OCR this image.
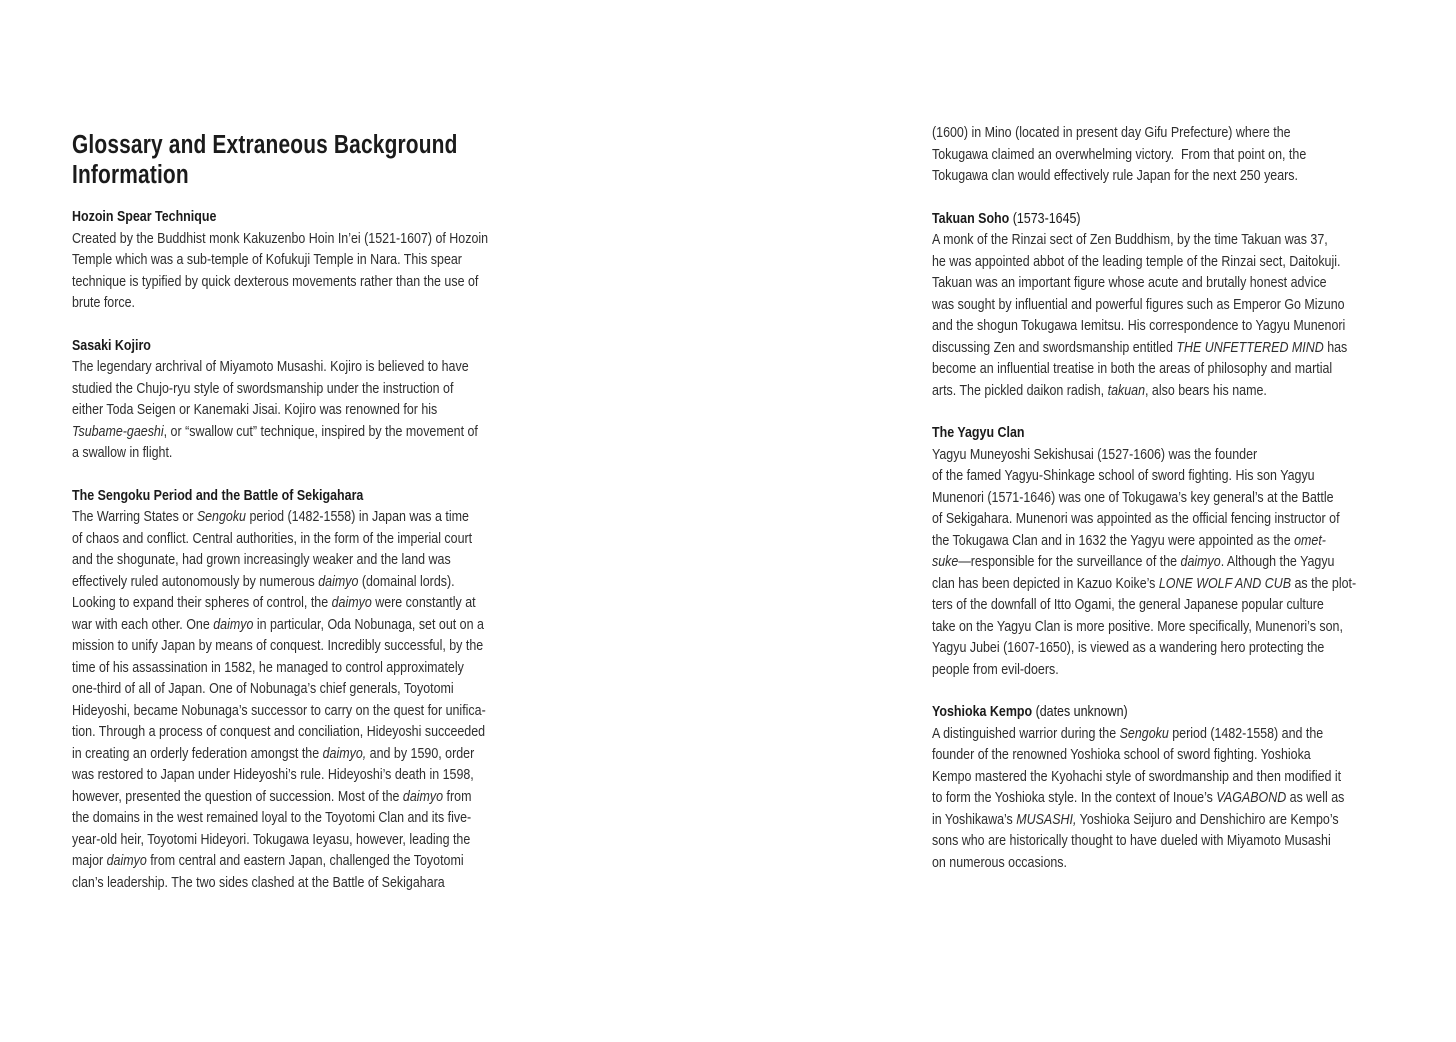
Glossary and Extraneous Background
Information
Hozoin Spear Technique
Created by the Buddhist monk Kakuzenbo Hoin In’ei (1521-1607) of Hozoin
Temple which was a sub-temple of Kofukuji Temple in Nara. This spear
technique is typified by quick dexterous movements rather than the use of
brute force.
Sasaki Kojiro
The legendary archrival of Miyamoto Musashi. Kojiro is believed to have
studied the Chujo-ryu style of swordsmanship under the instruction of
either Toda Seigen or Kanemaki Jisai. Kojiro was renowned for his
Tsubame-gaeshi, or “swallow cut” technique, inspired by the movement of
a swallow in flight.
The Sengoku Period and the Battle of Sekigahara
The Warring States or Sengoku period (1482-1558) in Japan was a time
of chaos and conflict. Central authorities, in the form of the imperial court
and the shogunate, had grown increasingly weaker and the land was
effectively ruled autonomously by numerous daimyo (domainal lords).
Looking to expand their spheres of control, the daimyo were constantly at
war with each other. One daimyo in particular, Oda Nobunaga, set out on a
mission to unify Japan by means of conquest. Incredibly successful, by the
time of his assassination in 1582, he managed to control approximately
one-third of all of Japan. One of Nobunaga’s chief generals, Toyotomi
Hideyoshi, became Nobunaga’s successor to carry on the quest for unifica-
tion. Through a process of conquest and conciliation, Hideyoshi succeeded
in creating an orderly federation amongst the daimyo, and by 1590, order
was restored to Japan under Hideyoshi’s rule. Hideyoshi’s death in 1598,
however, presented the question of succession. Most of the daimyo from
the domains in the west remained loyal to the Toyotomi Clan and its five-
year-old heir, Toyotomi Hideyori. Tokugawa Ieyasu, however, leading the
major daimyo from central and eastern Japan, challenged the Toyotomi
clan’s leadership. The two sides clashed at the Battle of Sekigahara
(1600) in Mino (located in present day Gifu Prefecture) where the
Tokugawa claimed an overwhelming victory.  From that point on, the
Tokugawa clan would effectively rule Japan for the next 250 years.
Takuan Soho (1573-1645)
A monk of the Rinzai sect of Zen Buddhism, by the time Takuan was 37,
he was appointed abbot of the leading temple of the Rinzai sect, Daitokuji.
Takuan was an important figure whose acute and brutally honest advice
was sought by influential and powerful figures such as Emperor Go Mizuno
and the shogun Tokugawa Iemitsu. His correspondence to Yagyu Munenori
discussing Zen and swordsmanship entitled THE UNFETTERED MIND has
become an influential treatise in both the areas of philosophy and martial
arts. The pickled daikon radish, takuan, also bears his name.
The Yagyu Clan
Yagyu Muneyoshi Sekishusai (1527-1606) was the founder
of the famed Yagyu-Shinkage school of sword fighting. His son Yagyu
Munenori (1571-1646) was one of Tokugawa’s key general’s at the Battle
of Sekigahara. Munenori was appointed as the official fencing instructor of
the Tokugawa Clan and in 1632 the Yagyu were appointed as the omet-
suke—responsible for the surveillance of the daimyo. Although the Yagyu
clan has been depicted in Kazuo Koike’s LONE WOLF AND CUB as the plot-
ters of the downfall of Itto Ogami, the general Japanese popular culture
take on the Yagyu Clan is more positive. More specifically, Munenori’s son,
Yagyu Jubei (1607-1650), is viewed as a wandering hero protecting the
people from evil-doers.
Yoshioka Kempo (dates unknown)
A distinguished warrior during the Sengoku period (1482-1558) and the
founder of the renowned Yoshioka school of sword fighting. Yoshioka
Kempo mastered the Kyohachi style of swordmanship and then modified it
to form the Yoshioka style. In the context of Inoue’s VAGABOND as well as
in Yoshikawa’s MUSASHI, Yoshioka Seijuro and Denshichiro are Kempo’s
sons who are historically thought to have dueled with Miyamoto Musashi
on numerous occasions.
